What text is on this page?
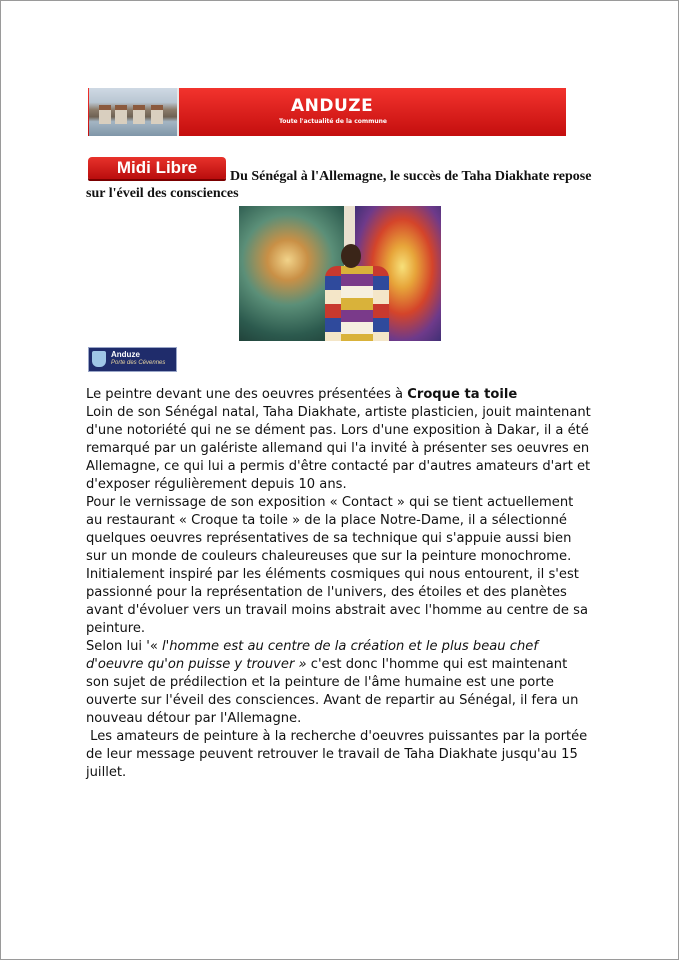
ANDUZE
Toute l'actualité de la commune
Midi Libre	Du Sénégal à l'Allemagne, le succès de Taha Diakhate repose sur l'éveil des consciences
Anduze
Porte des Cévennes

Le peintre devant une des oeuvres présentées à Croque ta toile

Loin de son Sénégal natal, Taha Diakhate, artiste plasticien, jouit maintenant d'une notoriété qui ne se dément pas. Lors d'une exposition à Dakar, il a été remarqué par un galériste allemand qui l'a invité à présenter ses oeuvres en Allemagne, ce qui lui a permis d'être contacté par d'autres amateurs d'art et d'exposer régulièrement depuis 10 ans.

Pour le vernissage de son exposition « Contact » qui se tient actuellement au restaurant « Croque ta toile » de la place Notre-Dame, il a sélectionné quelques oeuvres représentatives de sa technique qui s'appuie aussi bien sur un monde de couleurs chaleureuses que sur la peinture monochrome.

Initialement inspiré par les éléments cosmiques qui nous entourent, il s'est passionné pour la représentation de l'univers, des étoiles et des planètes avant d'évoluer vers un travail moins abstrait avec l'homme au centre de sa peinture.

Selon lui '« l'homme est au centre de la création et le plus beau chef d'oeuvre qu'on puisse y trouver » c'est donc l'homme qui est maintenant son sujet de prédilection et la peinture de l'âme humaine est une porte ouverte sur l'éveil des consciences. Avant de repartir au Sénégal, il fera un nouveau détour par l'Allemagne.

Les amateurs de peinture à la recherche d'oeuvres puissantes par la portée de leur message peuvent retrouver le travail de Taha Diakhate jusqu'au 15 juillet.
